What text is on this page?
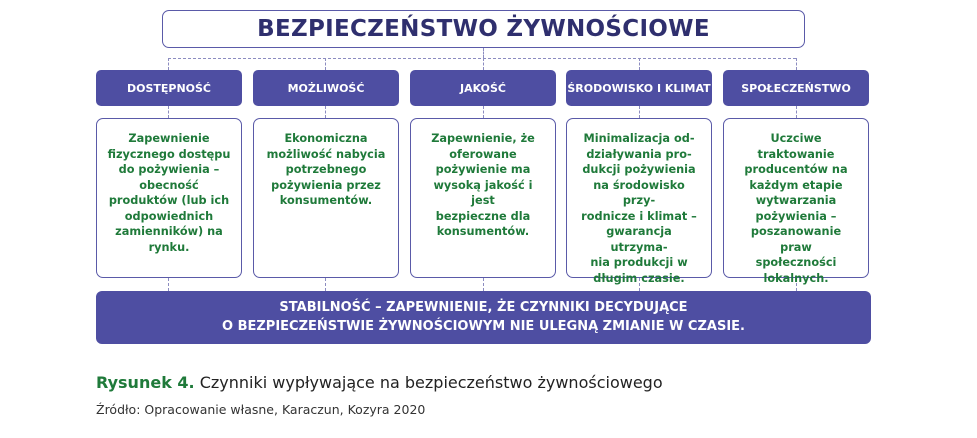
BEZPIECZEŃSTWO ŻYWNOŚCIOWE
DOSTĘPNOŚĆ	MOŻLIWOŚĆ	JAKOŚĆ	ŚRODOWISKO I KLIMAT	SPOŁECZEŃSTWO
Zapewnienie
fizycznego dostępu
do pożywienia –
obecność
produktów (lub ich
odpowiednich
zamienników) na
rynku.
Ekonomiczna
możliwość nabycia
potrzebnego
pożywienia przez
konsumentów.
Zapewnienie, że
oferowane
pożywienie ma
wysoką jakość i jest
bezpieczne dla
konsumentów.
Minimalizacja od-
działywania pro-
dukcji pożywienia
na środowisko przy-
rodnicze i klimat –
gwarancja utrzyma-
nia produkcji w
długim czasie.
Uczciwe
traktowanie
producentów na
każdym etapie
wytwarzania
pożywienia –
poszanowanie praw
społeczności
lokalnych.
STABILNOŚĆ – ZAPEWNIENIE, ŻE CZYNNIKI DECYDUJĄCE
O BEZPIECZEŃSTWIE ŻYWNOŚCIOWYM NIE ULEGNĄ ZMIANIE W CZASIE.
Rysunek 4. Czynniki wypływające na bezpieczeństwo żywnościowego
Źródło: Opracowanie własne, Karaczun, Kozyra 2020
